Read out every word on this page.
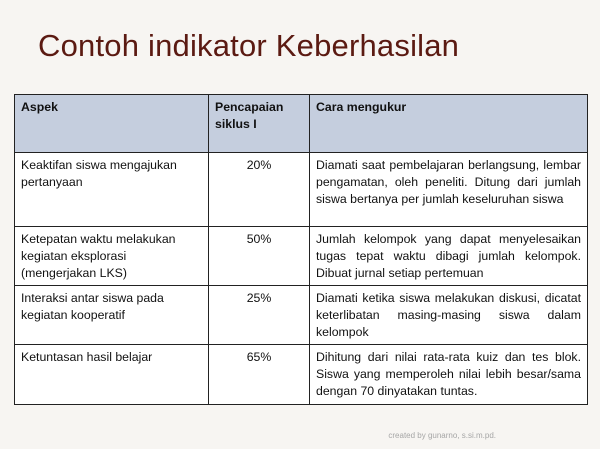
Contoh indikator Keberhasilan
Aspek	Pencapaian siklus I	Cara mengukur
Keaktifan siswa mengajukan pertanyaan	20%	Diamati saat pembelajaran berlangsung, lembar pengamatan, oleh peneliti. Ditung dari jumlah siswa bertanya per jumlah keseluruhan siswa
Ketepatan waktu melakukan kegiatan eksplorasi (mengerjakan LKS)	50%	Jumlah kelompok yang dapat menyelesaikan tugas tepat waktu dibagi jumlah kelompok. Dibuat jurnal setiap pertemuan
Interaksi antar siswa pada kegiatan kooperatif	25%	Diamati ketika siswa melakukan diskusi, dicatat keterlibatan masing-masing siswa dalam kelompok
Ketuntasan hasil belajar	65%	Dihitung dari nilai rata-rata kuiz dan tes blok. Siswa yang memperoleh nilai lebih besar/sama dengan 70 dinyatakan tuntas.
created by gunarno, s.si.m.pd.
